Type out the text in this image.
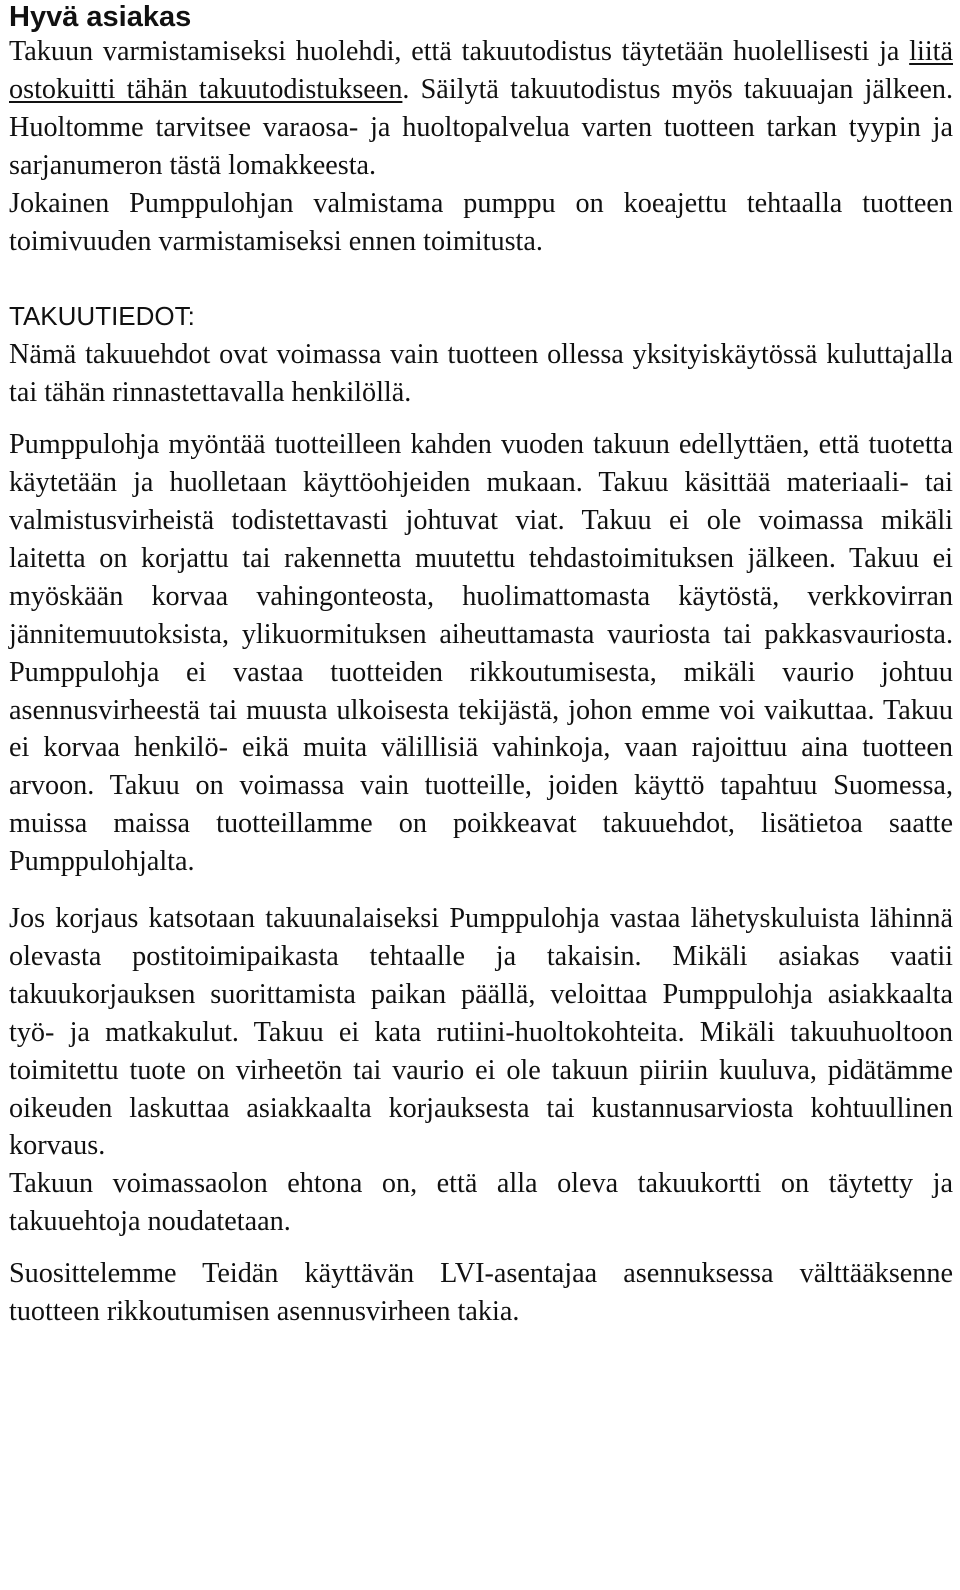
Hyvä asiakas

Takuun varmistamiseksi huolehdi, että takuutodistus täytetään huolellisesti ja liitä ostokuitti tähän takuutodistukseen. Säilytä takuutodistus myös takuuajan jälkeen. Huoltomme tarvitsee varaosa- ja huoltopalvelua varten tuotteen tarkan tyypin ja sarjanumeron tästä lomakkeesta.

Jokainen Pumppulohjan valmistama pumppu on koeajettu tehtaalla tuotteen toimivuuden varmistamiseksi ennen toimitusta.

TAKUUTIEDOT:

Nämä takuuehdot ovat voimassa vain tuotteen ollessa yksityiskäytössä kuluttajalla tai tähän rinnastettavalla henkilöllä.

Pumppulohja myöntää tuotteilleen kahden vuoden takuun edellyttäen, että tuotetta käytetään ja huolletaan käyttöohjeiden mukaan. Takuu käsittää materiaali- tai valmistusvirheistä todistettavasti johtuvat viat. Takuu ei ole voimassa mikäli laitetta on korjattu tai rakennetta muutettu tehdastoimituksen jälkeen. Takuu ei myöskään korvaa vahingonteosta, huolimattomasta käytöstä, verkkovirran jännitemuutoksista, ylikuormituksen aiheuttamasta vauriosta tai pakkasvauriosta. Pumppulohja ei vastaa tuotteiden rikkoutumisesta, mikäli vaurio johtuu asennusvirheestä tai muusta ulkoisesta tekijästä, johon emme voi vaikuttaa. Takuu ei korvaa henkilö- eikä muita välillisiä vahinkoja, vaan rajoittuu aina tuotteen arvoon. Takuu on voimassa vain tuotteille, joiden käyttö tapahtuu Suomessa, muissa maissa tuotteillamme on poikkeavat takuuehdot, lisätietoa saatte Pumppulohjalta.

Jos korjaus katsotaan takuunalaiseksi Pumppulohja vastaa lähetyskuluista lähinnä olevasta postitoimipaikasta tehtaalle ja takaisin. Mikäli asiakas vaatii takuukorjauksen suorittamista paikan päällä, veloittaa Pumppulohja asiakkaalta työ- ja matkakulut. Takuu ei kata rutiini-huoltokohteita. Mikäli takuuhuoltoon toimitettu tuote on virheetön tai vaurio ei ole takuun piiriin kuuluva, pidätämme oikeuden laskuttaa asiakkaalta korjauksesta tai kustannusarviosta kohtuullinen korvaus.

Takuun voimassaolon ehtona on, että alla oleva takuukortti on täytetty ja takuuehtoja noudatetaan.

Suosittelemme Teidän käyttävän LVI-asentajaa asennuksessa välttääksenne tuotteen rikkoutumisen asennusvirheen takia.
